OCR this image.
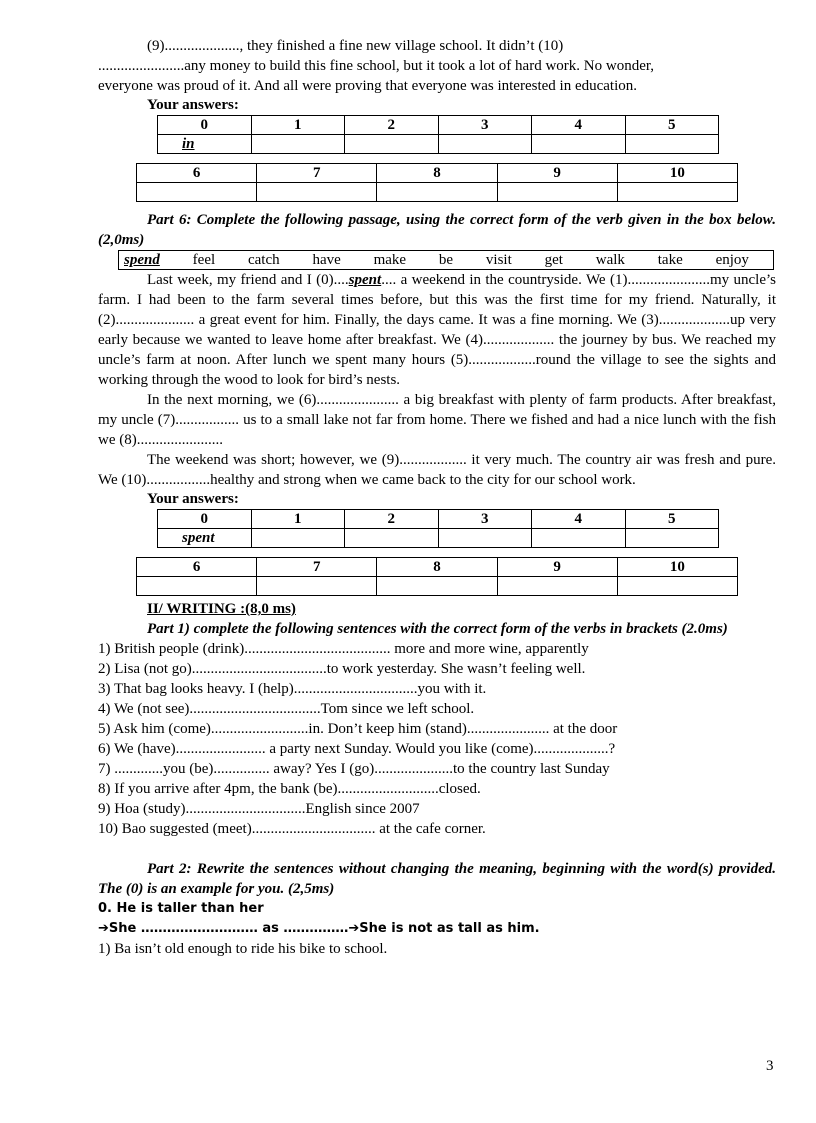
(9)...................., they finished a fine new village school. It didn’t (10)

.......................any money to build this fine school, but it took a lot of hard work. No wonder,

everyone was proud of it. And all were proving that everyone was interested in education.

Your answers:
0	1	2	3	4	5
in					
6	7	8	9	10

Part 6: Complete the following passage, using the correct form of the verb given in the box below. (2,0ms)

spend feel catch have make be visit get walk take enjoy

Last week, my friend and I (0)....spent.... a weekend in the countryside. We (1)......................my uncle’s farm. I had been to the farm several times before, but this was the first time for my friend. Naturally, it (2)..................... a great event for him. Finally, the days came. It was a fine morning. We (3)...................up very early because we wanted to leave home after breakfast. We (4)................... the journey by bus. We reached my uncle’s farm at noon. After lunch we spent many hours (5)..................round the village to see the sights and working through the wood to look for bird’s nests.

In the next morning, we (6)...................... a big breakfast with plenty of farm products. After breakfast, my uncle (7)................. us to a small lake not far from home. There we fished and had a nice lunch with the fish we (8).......................

The weekend was short; however, we (9).................. it very much. The country air was fresh and pure. We (10).................healthy and strong when we came back to the city for our school work.

Your answers:
0	1	2	3	4	5
spent					
6	7	8	9	10

II/ WRITING :(8,0 ms)

Part 1) complete the following sentences with the correct form of the verbs in brackets (2.0ms)

1) British people (drink)....................................... more and more wine, apparently

2) Lisa (not go)....................................to work yesterday. She wasn’t feeling well.

3) That bag looks heavy. I (help).................................you with it.

4) We (not see)...................................Tom since we left school.

5) Ask him (come)..........................in. Don’t keep him (stand)...................... at the door

6) We (have)........................ a party next Sunday. Would you like (come)....................?

7) .............you (be)............... away? Yes I (go).....................to the country last Sunday

8) If you arrive after 4pm, the bank (be)...........................closed.

9) Hoa (study)................................English since 2007

10) Bao suggested (meet)................................. at the cafe corner.

Part 2: Rewrite the sentences without changing the meaning, beginning with the word(s) provided. The (0) is an example for you. (2,5ms)

0. He is taller than her
➔She ……………………… as ……………➔She is not as tall as him.

1) Ba isn’t old enough to ride his bike to school.

3
